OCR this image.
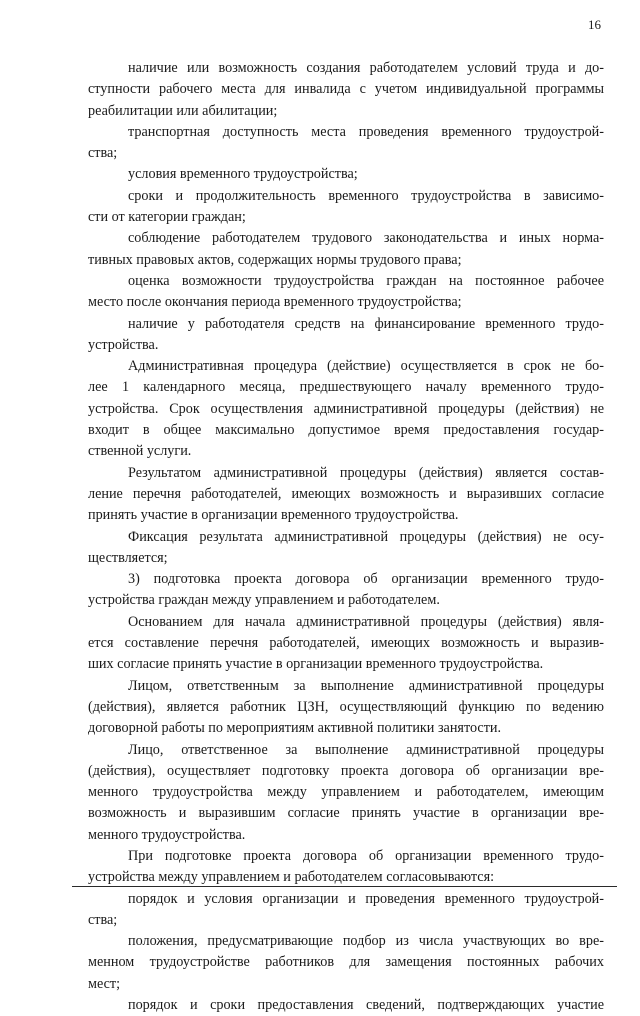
16
наличие или возможность создания работодателем условий труда и до-
ступности рабочего места для инвалида с учетом индивидуальной программы
реабилитации или абилитации;
транспортная доступность места проведения временного трудоустрой-
ства;
условия временного трудоустройства;
сроки и продолжительность временного трудоустройства в зависимо-
сти от категории граждан;
соблюдение работодателем трудового законодательства и иных норма-
тивных правовых актов, содержащих нормы трудового права;
оценка возможности трудоустройства граждан на постоянное рабочее
место после окончания периода временного трудоустройства;
наличие у работодателя средств на финансирование временного трудо-
устройства.
Административная процедура (действие) осуществляется в срок не бо-
лее 1 календарного месяца, предшествующего началу временного трудо-
устройства. Срок осуществления административной процедуры (действия) не
входит в общее максимально допустимое время предоставления государ-
ственной услуги.
Результатом административной процедуры (действия) является состав-
ление перечня работодателей, имеющих возможность и выразивших согласие
принять участие в организации временного трудоустройства.
Фиксация результата административной процедуры (действия) не осу-
ществляется;
3) подготовка проекта договора об организации временного трудо-
устройства граждан между управлением и работодателем.
Основанием для начала административной процедуры (действия) явля-
ется составление перечня работодателей, имеющих возможность и выразив-
ших согласие принять участие в организации временного трудоустройства.
Лицом, ответственным за выполнение административной процедуры
(действия), является работник ЦЗН, осуществляющий функцию по ведению
договорной работы по мероприятиям активной политики занятости.
Лицо, ответственное за выполнение административной процедуры
(действия), осуществляет подготовку проекта договора об организации вре-
менного трудоустройства между управлением и работодателем, имеющим
возможность и выразившим согласие принять участие в организации вре-
менного трудоустройства.
При подготовке проекта договора об организации временного трудо-
устройства между управлением и работодателем согласовываются:
порядок и условия организации и проведения временного трудоустрой-
ства;
положения, предусматривающие подбор из числа участвующих во вре-
менном трудоустройстве работников для замещения постоянных рабочих
мест;
порядок и сроки предоставления сведений, подтверждающих участие
